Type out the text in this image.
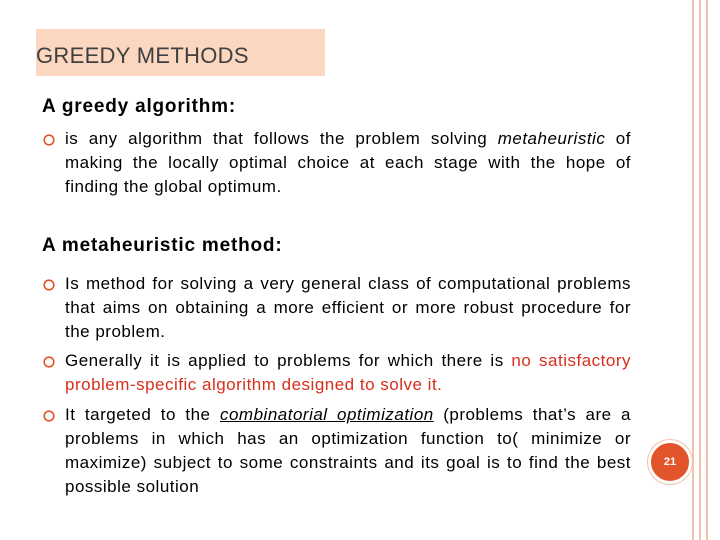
GREEDY METHODS
A greedy algorithm:
is any algorithm that follows the problem solving metaheuristic of making the locally optimal choice at each stage with the hope of finding the global optimum.
A metaheuristic method:
Is method for solving a very general class of computational problems that aims on obtaining a more efficient or more robust procedure for the problem.
Generally it is applied to problems for which there is no satisfactory problem-specific algorithm designed to solve it.
It targeted to the combinatorial optimization (problems that’s are a problems in which has an optimization function to( minimize or maximize) subject to some constraints and its goal is to find the best possible solution
21
